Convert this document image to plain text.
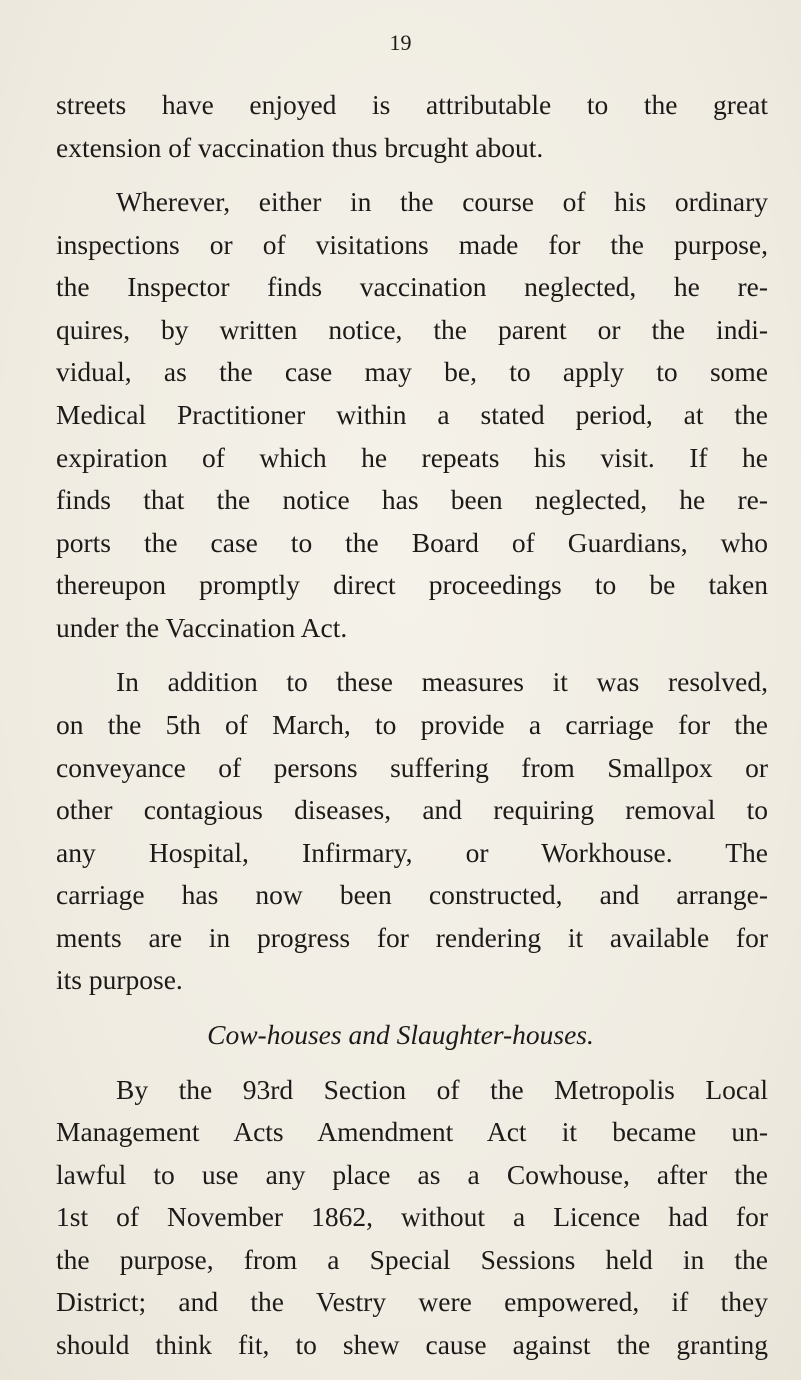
19
streets have enjoyed is attributable to the great
extension of vaccination thus brcught about.
Wherever, either in the course of his ordinary
inspections or of visitations made for the purpose,
the Inspector finds vaccination neglected, he re-
quires, by written notice, the parent or the indi-
vidual, as the case may be, to apply to some
Medical Practitioner within a stated period, at the
expiration of which he repeats his visit. If he
finds that the notice has been neglected, he re-
ports the case to the Board of Guardians, who
thereupon promptly direct proceedings to be taken
under the Vaccination Act.
In addition to these measures it was resolved,
on the 5th of March, to provide a carriage for the
conveyance of persons suffering from Smallpox or
other contagious diseases, and requiring removal to
any Hospital, Infirmary, or Workhouse. The
carriage has now been constructed, and arrange-
ments are in progress for rendering it available for
its purpose.
Cow-houses and Slaughter-houses.
By the 93rd Section of the Metropolis Local
Management Acts Amendment Act it became un-
lawful to use any place as a Cowhouse, after the
1st of November 1862, without a Licence had for
the purpose, from a Special Sessions held in the
District; and the Vestry were empowered, if they
should think fit, to shew cause against the granting
